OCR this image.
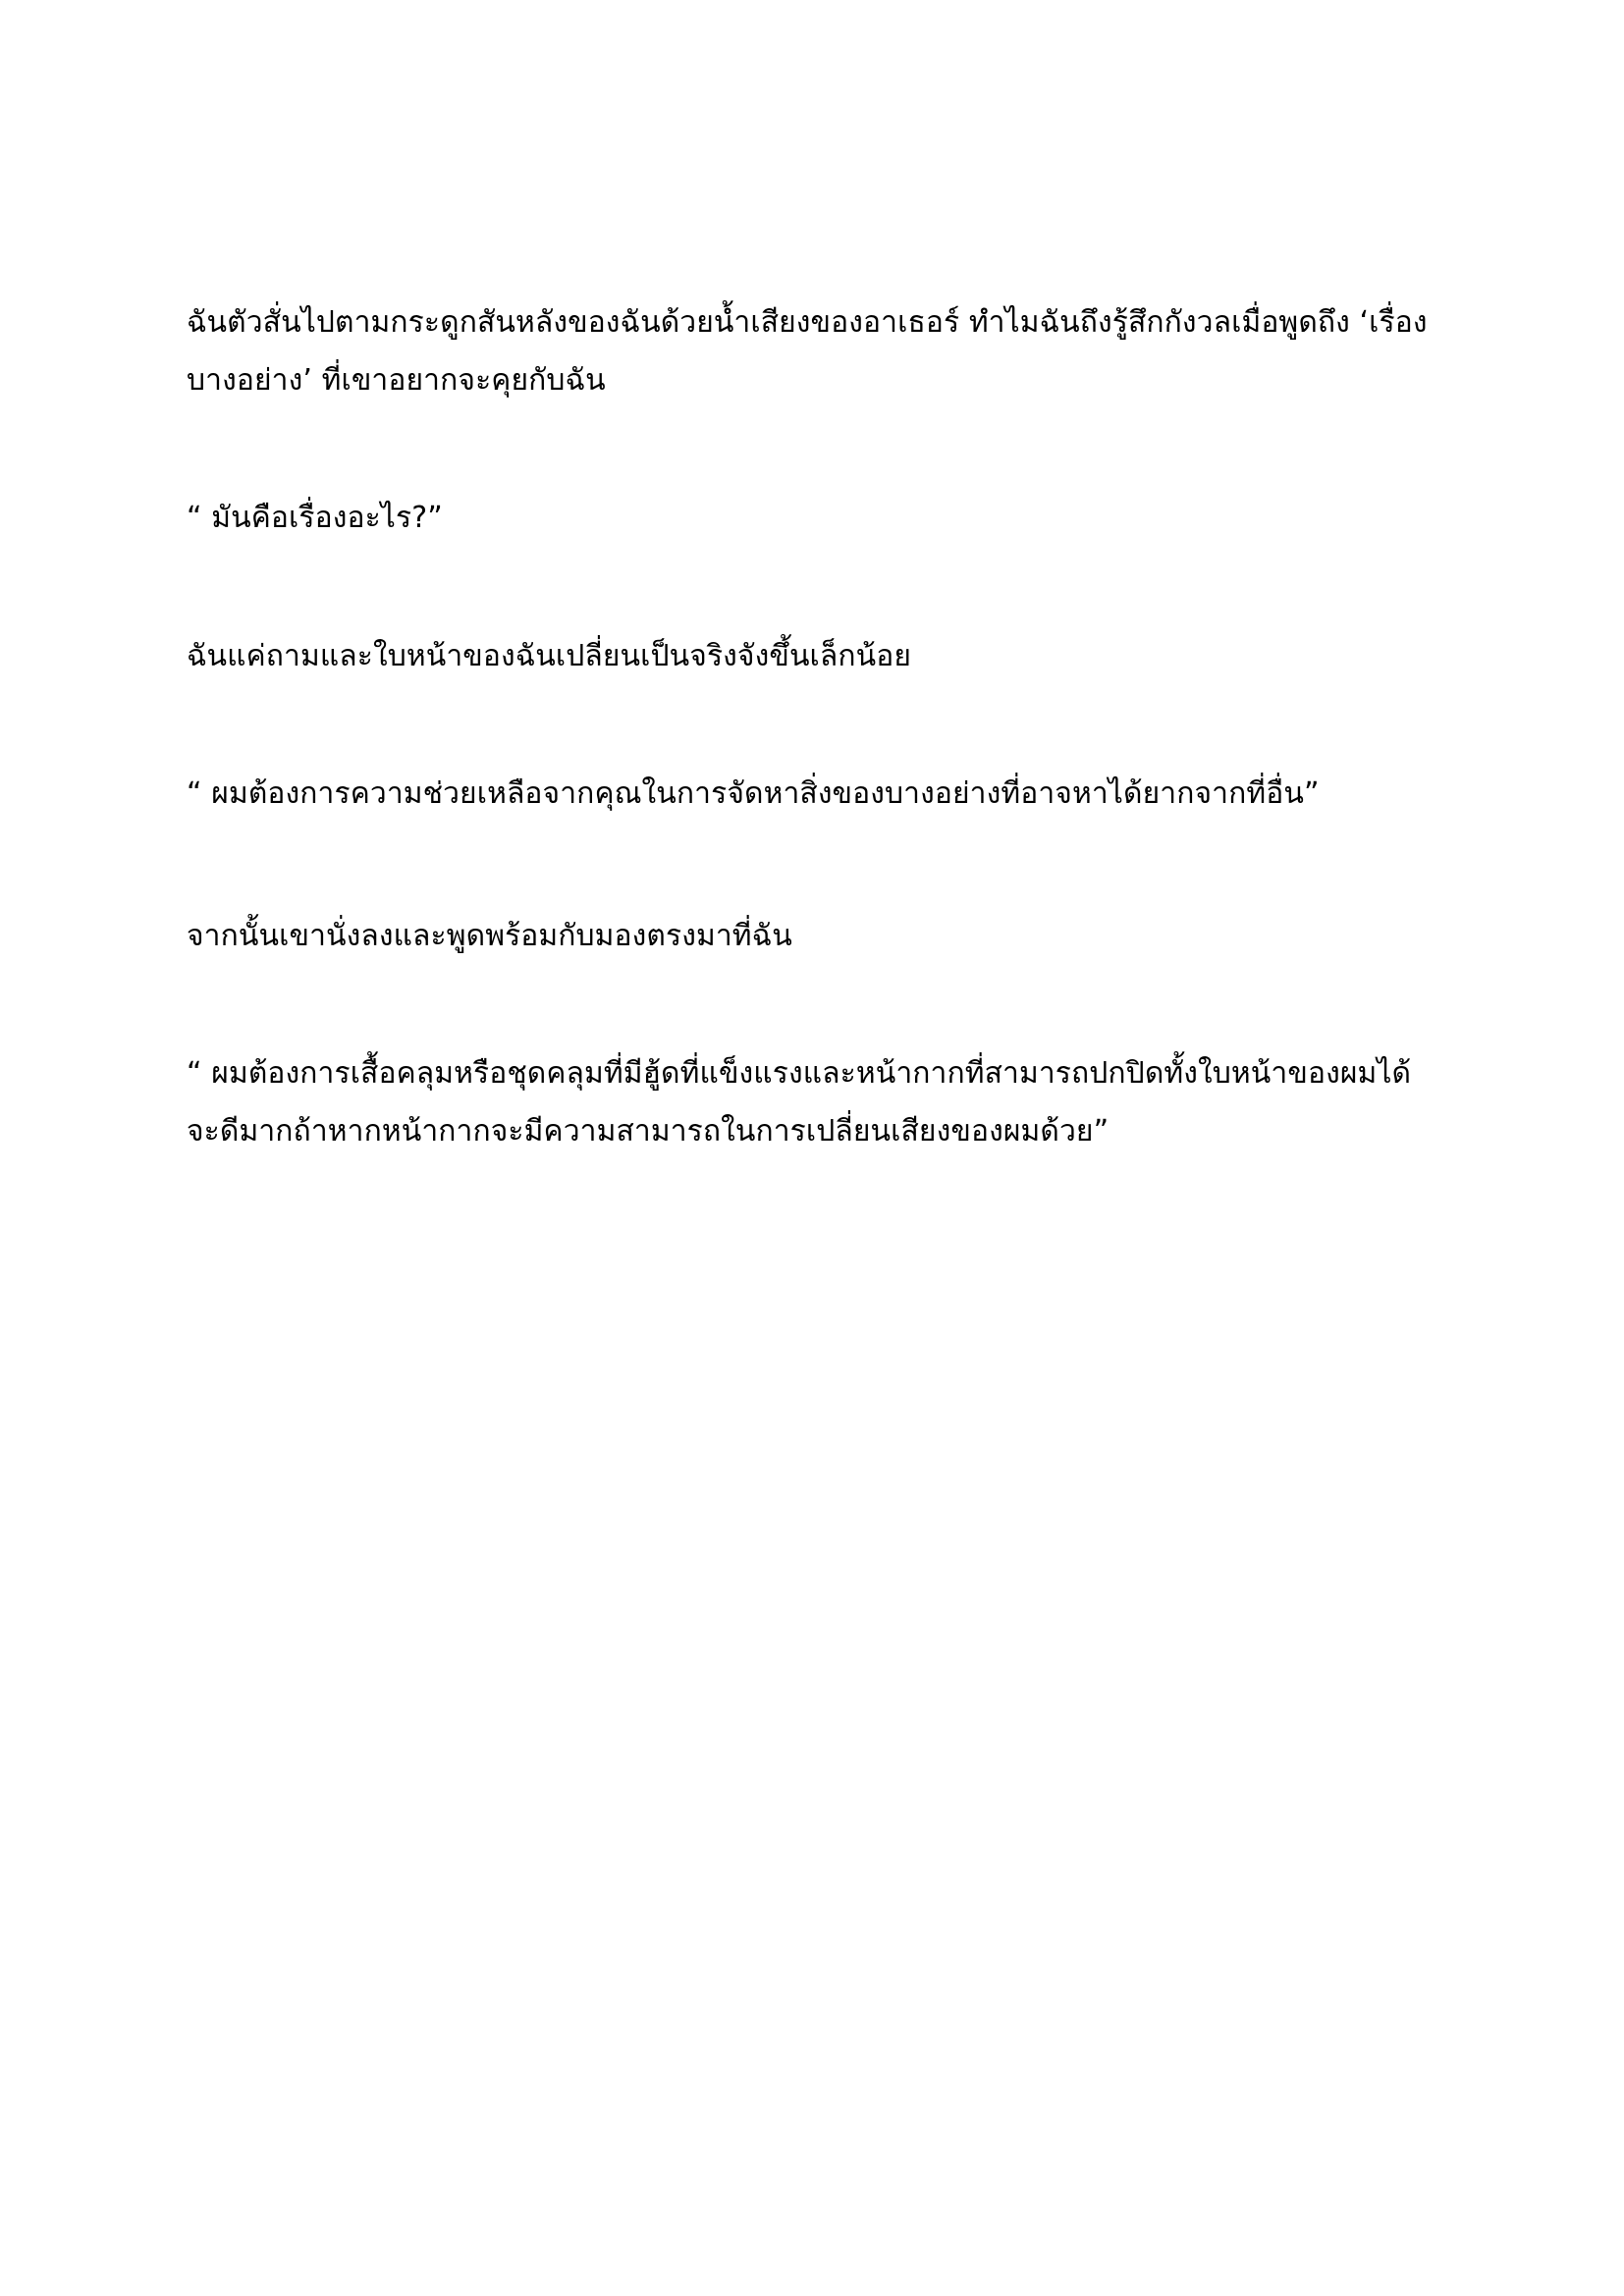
ฉันตัวสั่นไปตามกระดูกสันหลังของฉันด้วยน้ำเสียงของอาเธอร์ ทำไมฉันถึงรู้สึกกังวลเมื่อพูดถึง ‘เรื่องบางอย่าง’ ที่เขาอยากจะคุยกับฉัน

“ มันคือเรื่องอะไร?”

ฉันแค่ถามและใบหน้าของฉันเปลี่ยนเป็นจริงจังขึ้นเล็กน้อย

“ ผมต้องการความช่วยเหลือจากคุณในการจัดหาสิ่งของบางอย่างที่อาจหาได้ยากจากที่อื่น”

จากนั้นเขานั่งลงและพูดพร้อมกับมองตรงมาที่ฉัน

“ ผมต้องการเสื้อคลุมหรือชุดคลุมที่มีฮู้ดที่แข็งแรงและหน้ากากที่สามารถปกปิดทั้งใบหน้าของผมได้ จะดีมากถ้าหากหน้ากากจะมีความสามารถในการเปลี่ยนเสียงของผมด้วย”
